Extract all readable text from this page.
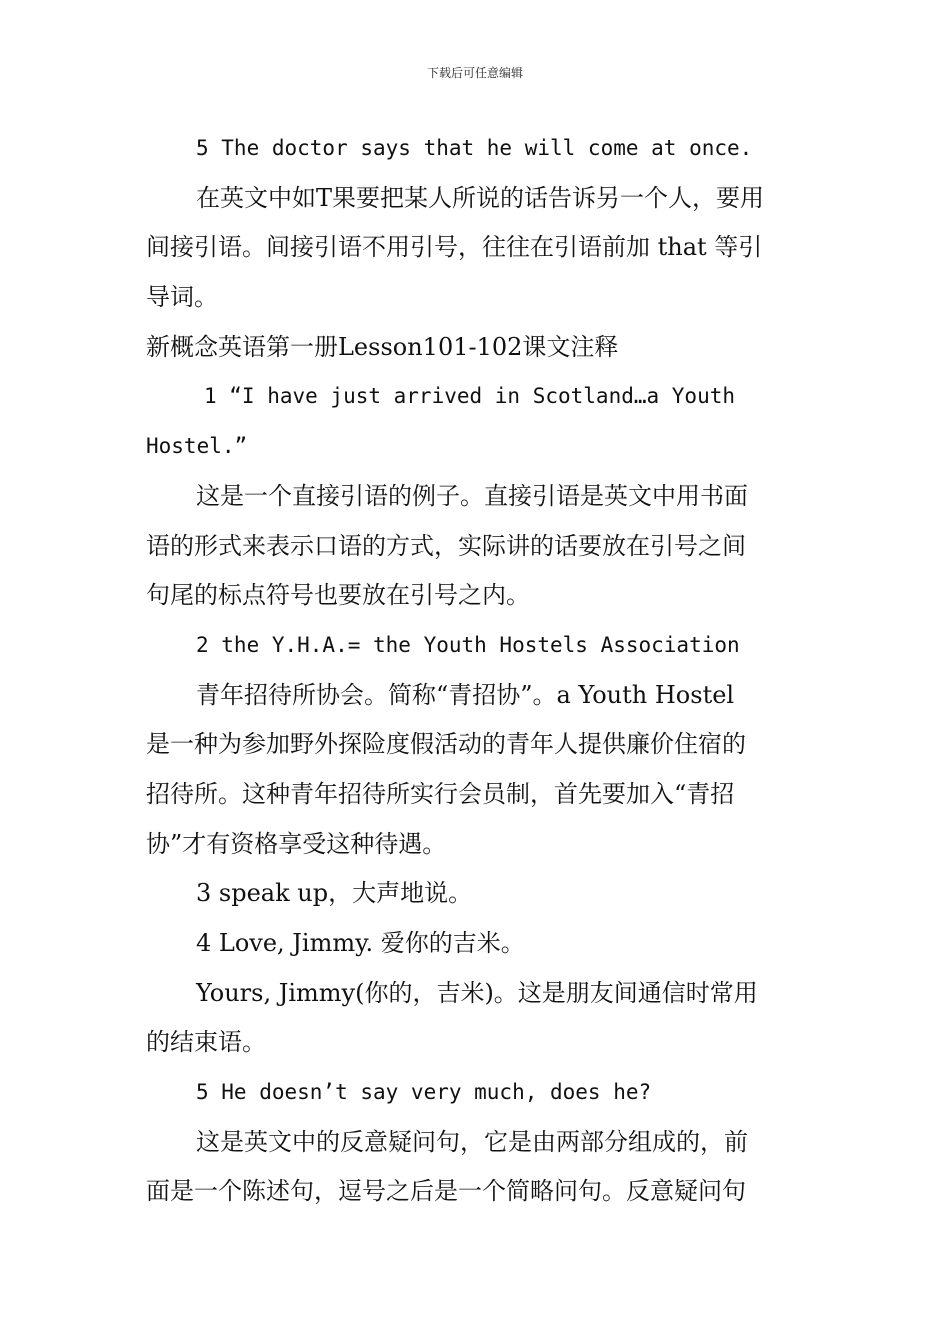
下载后可任意编辑
5 The doctor says that he will come at once.
在英文中如T果要把某人所说的话告诉另一个人，要用
间接引语。间接引语不用引号，往往在引语前加 that 等引
导词。
新概念英语第一册Lesson101-102课文注释
1 “I have just arrived in Scotland…a Youth
Hostel.”
这是一个直接引语的例子。直接引语是英文中用书面
语的形式来表示口语的方式，实际讲的话要放在引号之间
句尾的标点符号也要放在引号之内。
2 the Y.H.A.= the Youth Hostels Association
青年招待所协会。简称“青招协”。a Youth Hostel
是一种为参加野外探险度假活动的青年人提供廉价住宿的
招待所。这种青年招待所实行会员制，首先要加入“青招
协”才有资格享受这种待遇。
3 speak up，大声地说。
4 Love, Jimmy. 爱你的吉米。
Yours, Jimmy(你的，吉米)。这是朋友间通信时常用
的结束语。
5 He doesn’t say very much, does he?
这是英文中的反意疑问句，它是由两部分组成的，前
面是一个陈述句，逗号之后是一个简略问句。反意疑问句
